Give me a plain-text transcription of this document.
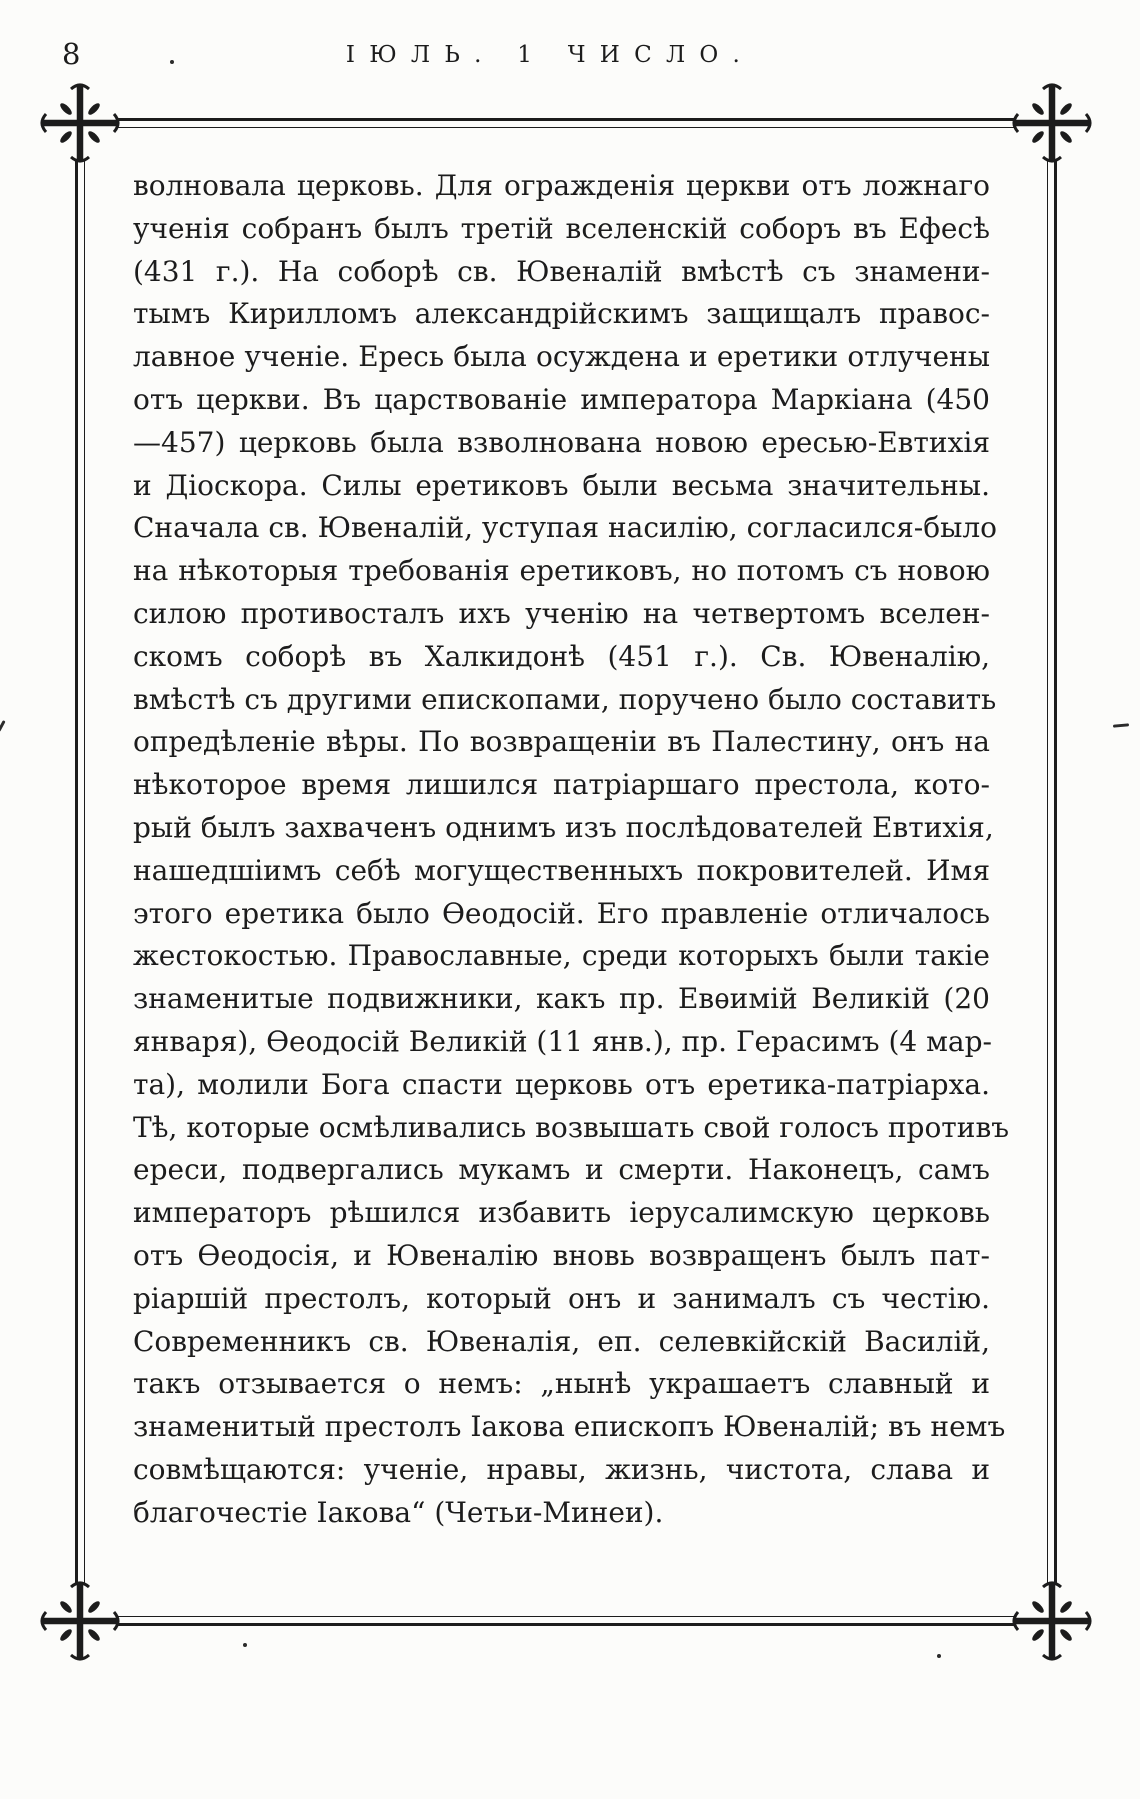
8	ІЮЛЬ. 1 ЧИСЛО.
волновала церковь. Для огражденія церкви отъ ложнаго
ученія собранъ былъ третій вселенскій соборъ въ Ефесѣ
(431 г.). На соборѣ св. Ювеналій вмѣстѣ съ знамени-
тымъ Кирилломъ александрійскимъ защищалъ правос-
лавное ученіе. Ересь была осуждена и еретики отлучены
отъ церкви. Въ царствованіе императора Маркіана (450
—457) церковь была взволнована новою ересью-Евтихія
и Діоскора. Силы еретиковъ были весьма значительны.
Сначала св. Ювеналій, уступая насилію, согласился-было
на нѣкоторыя требованія еретиковъ, но потомъ съ новою
силою противосталъ ихъ ученію на четвертомъ вселен-
скомъ соборѣ въ Халкидонѣ (451 г.). Св. Ювеналію,
вмѣстѣ съ другими епископами, поручено было составить
опредѣленіе вѣры. По возвращеніи въ Палестину, онъ на
нѣкоторое время лишился патріаршаго престола, кото-
рый былъ захваченъ однимъ изъ послѣдователей Евтихія,
нашедшіимъ себѣ могущественныхъ покровителей. Имя
этого еретика было Ѳеодосій. Его правленіе отличалось
жестокостью. Православные, среди которыхъ были такіе
знаменитые подвижники, какъ пр. Евѳимій Великій (20
января), Ѳеодосій Великій (11 янв.), пр. Герасимъ (4 мар-
та), молили Бога спасти церковь отъ еретика-патріарха.
Тѣ, которые осмѣливались возвышать свой голосъ противъ
ереси, подвергались мукамъ и смерти. Наконецъ, самъ
императоръ рѣшился избавить іерусалимскую церковь
отъ Ѳеодосія, и Ювеналію вновь возвращенъ былъ пат-
ріаршій престолъ, который онъ и занималъ съ честію.
Современникъ св. Ювеналія, еп. селевкійскій Василій,
такъ отзывается о немъ: „нынѣ украшаетъ славный и
знаменитый престолъ Іакова епископъ Ювеналій; въ немъ
совмѣщаются: ученіе, нравы, жизнь, чистота, слава и
благочестіе Іакова“ (Четьи-Минеи).
